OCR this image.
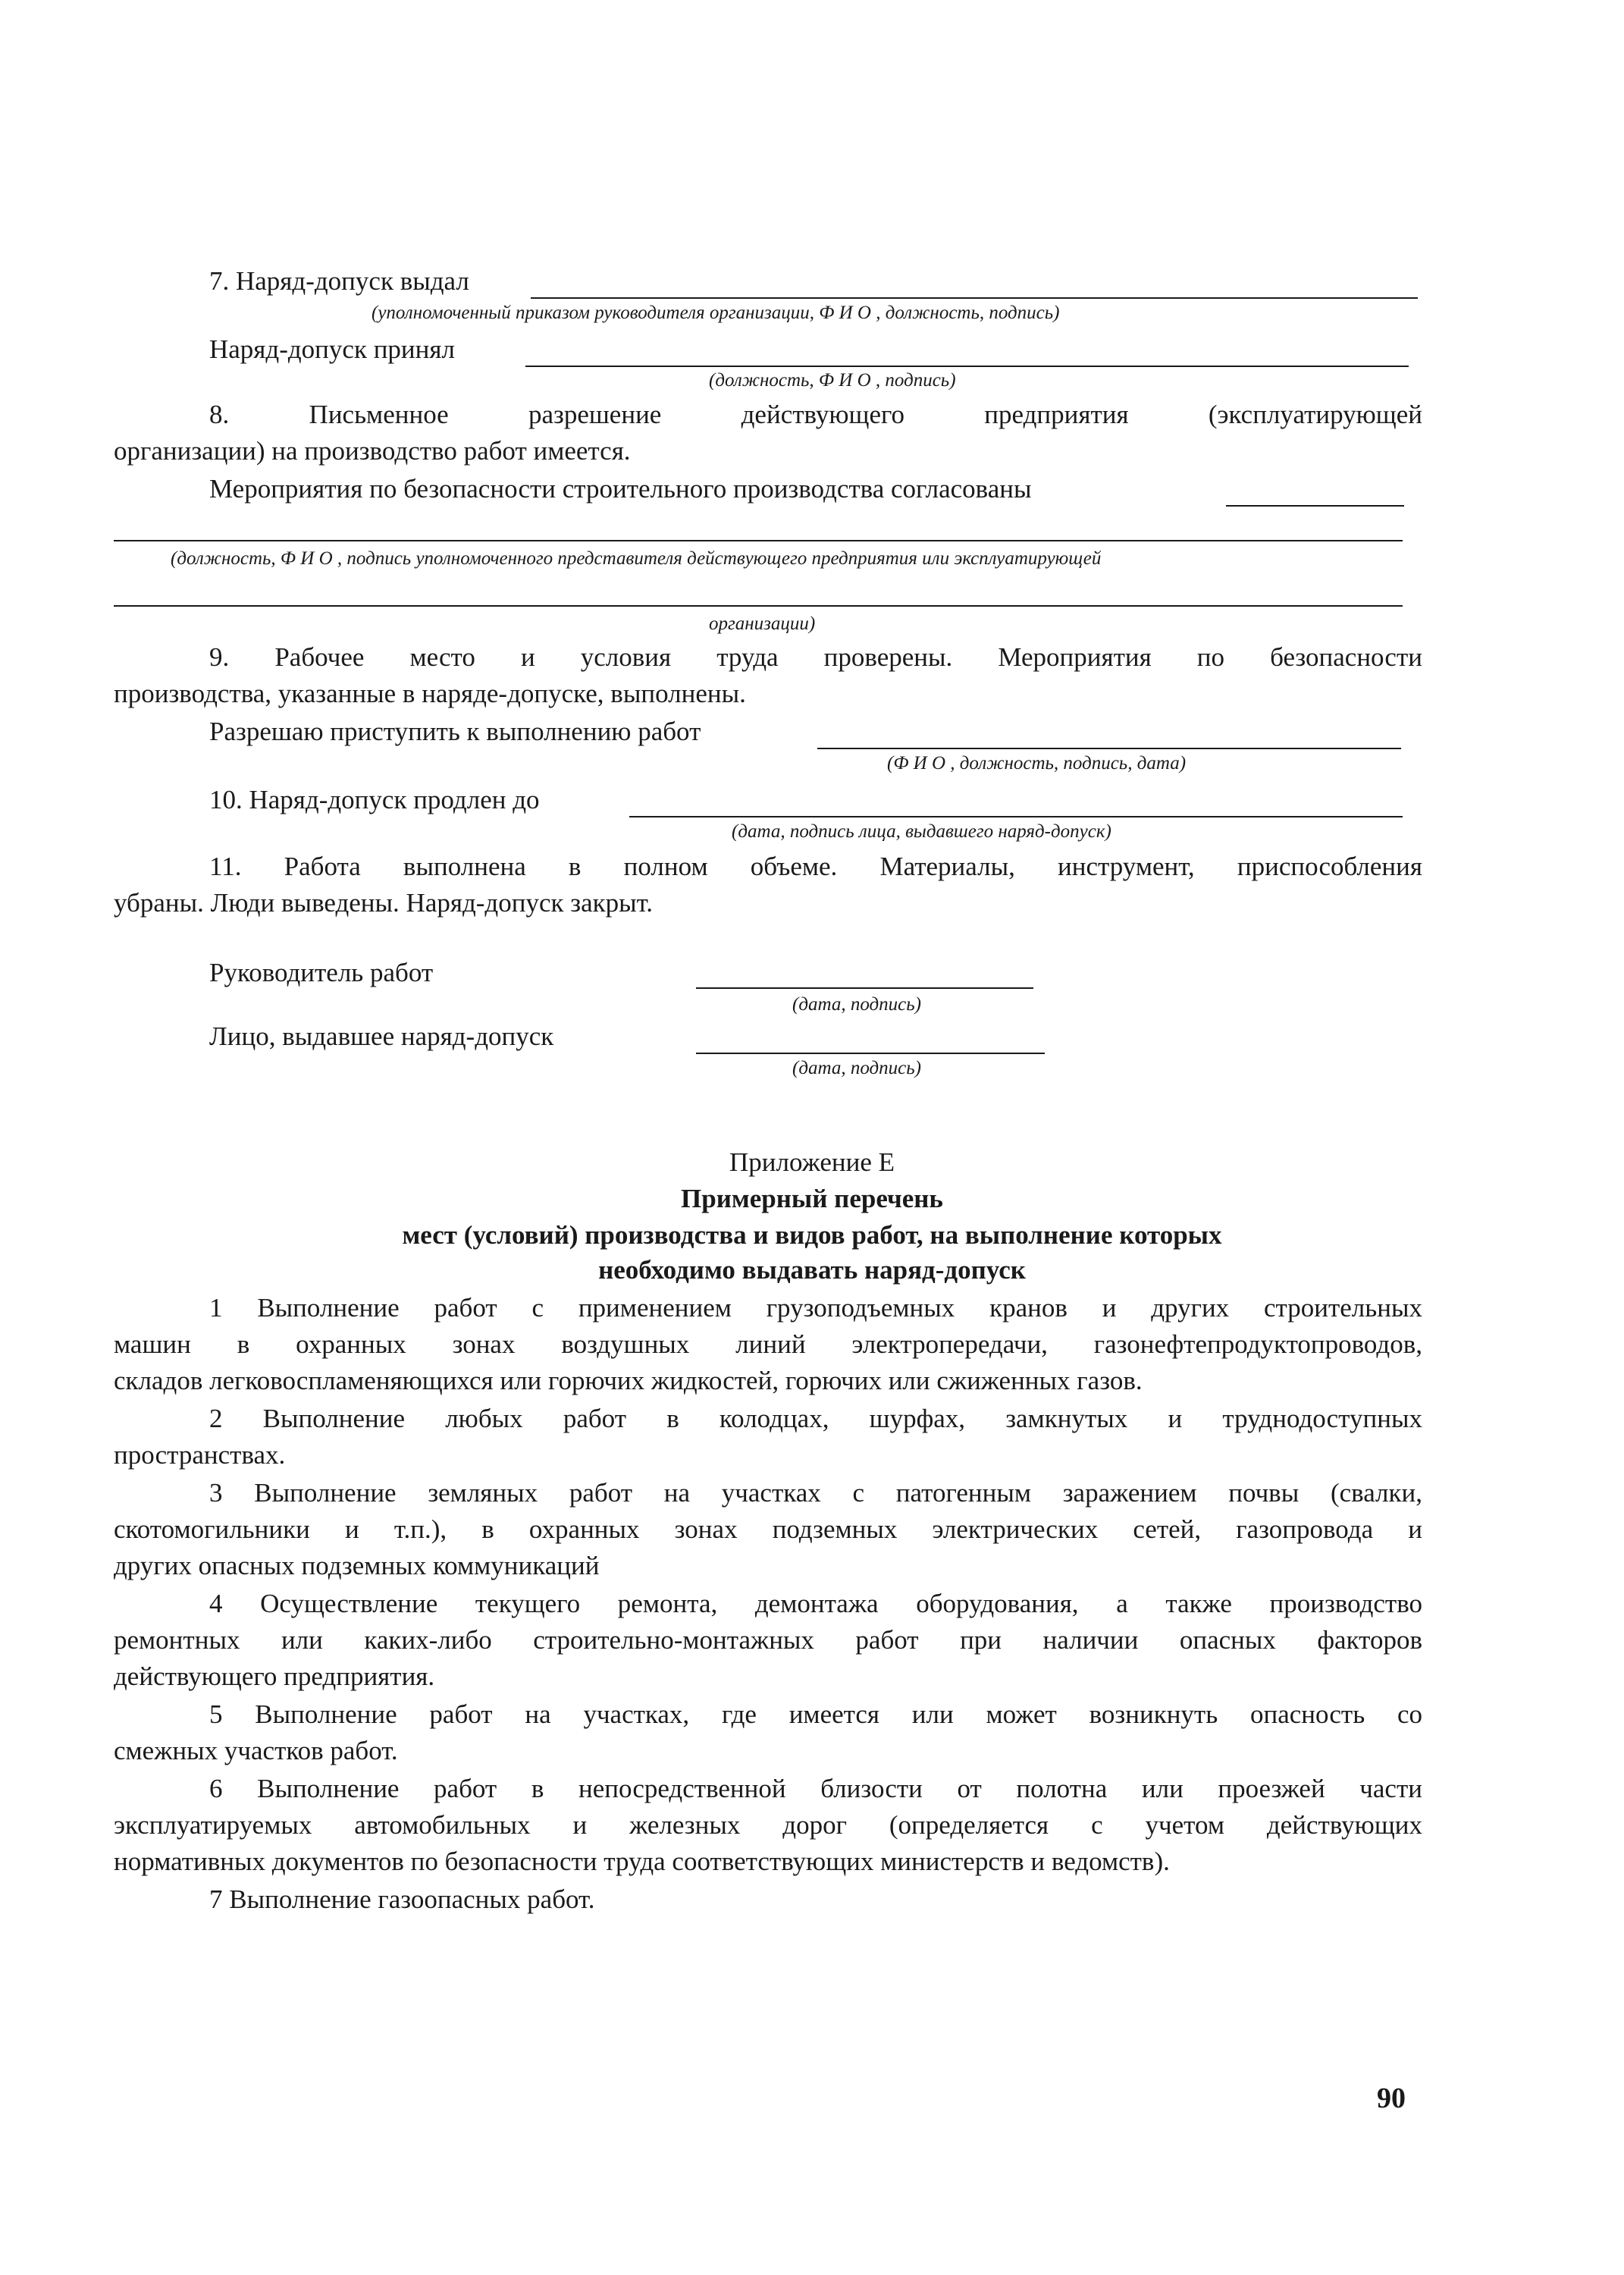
7. Наряд-допуск выдал
(уполномоченный приказом руководителя организации, Ф И О , должность, подпись)
Наряд-допуск принял
(должность, Ф И О , подпись)
8. Письменное разрешение действующего предприятия (эксплуатирующей
организации) на производство работ имеется.
Мероприятия по безопасности строительного производства согласованы
(должность, Ф И О , подпись уполномоченного представителя действующего предприятия или эксплуатирующей
организации)
9. Рабочее место и условия труда проверены. Мероприятия по безопасности
производства, указанные в наряде-допуске, выполнены.
Разрешаю приступить к выполнению работ
(Ф И О , должность, подпись, дата)
10. Наряд-допуск продлен до
(дата, подпись лица, выдавшего наряд-допуск)
11. Работа выполнена в полном объеме. Материалы, инструмент, приспособления
убраны. Люди выведены. Наряд-допуск закрыт.
Руководитель работ
(дата, подпись)
Лицо, выдавшее наряд-допуск
(дата, подпись)
Приложение Е
Примерный перечень
мест (условий) производства и видов работ, на выполнение которых
необходимо выдавать наряд-допуск
1 Выполнение работ с применением грузоподъемных кранов и других строительных
машин в охранных зонах воздушных линий электропередачи, газонефтепродуктопроводов,
складов легковоспламеняющихся или горючих жидкостей, горючих или сжиженных газов.
2 Выполнение любых работ в колодцах, шурфах, замкнутых и труднодоступных
пространствах.
3 Выполнение земляных работ на участках с патогенным заражением почвы (свалки,
скотомогильники и т.п.), в охранных зонах подземных электрических сетей, газопровода и
других опасных подземных коммуникаций
4 Осуществление текущего ремонта, демонтажа оборудования, а также производство
ремонтных или каких-либо строительно-монтажных работ при наличии опасных факторов
действующего предприятия.
5 Выполнение работ на участках, где имеется или может возникнуть опасность со
смежных участков работ.
6 Выполнение работ в непосредственной близости от полотна или проезжей части
эксплуатируемых автомобильных и железных дорог (определяется с учетом действующих
нормативных документов по безопасности труда соответствующих министерств и ведомств).
7 Выполнение газоопасных работ.
90
